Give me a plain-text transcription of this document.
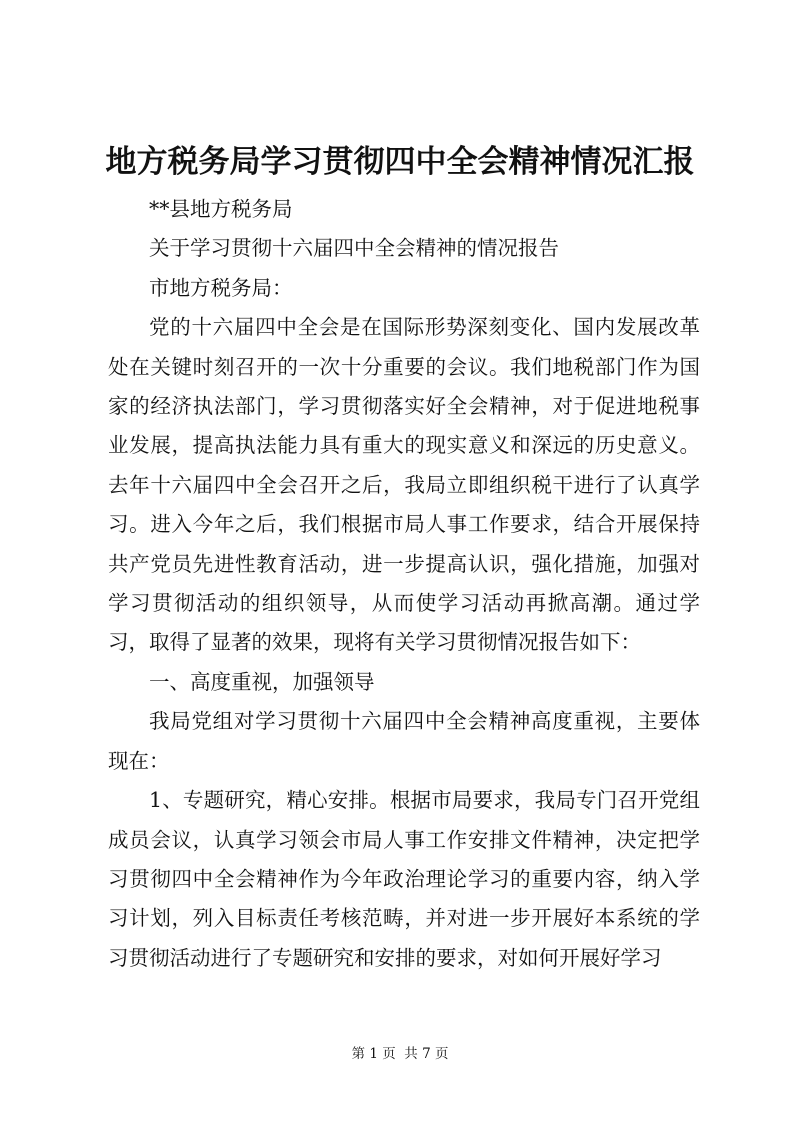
地方税务局学习贯彻四中全会精神情况汇报

**县地方税务局

关于学习贯彻十六届四中全会精神的情况报告

市地方税务局：

党的十六届四中全会是在国际形势深刻变化、国内发展改革处在关键时刻召开的一次十分重要的会议。我们地税部门作为国家的经济执法部门，学习贯彻落实好全会精神，对于促进地税事业发展，提高执法能力具有重大的现实意义和深远的历史意义。去年十六届四中全会召开之后，我局立即组织税干进行了认真学习。进入今年之后，我们根据市局人事工作要求，结合开展保持共产党员先进性教育活动，进一步提高认识，强化措施，加强对学习贯彻活动的组织领导，从而使学习活动再掀高潮。通过学习，取得了显著的效果，现将有关学习贯彻情况报告如下：

一、高度重视，加强领导

我局党组对学习贯彻十六届四中全会精神高度重视，主要体现在：

1、专题研究，精心安排。根据市局要求，我局专门召开党组成员会议，认真学习领会市局人事工作安排文件精神，决定把学习贯彻四中全会精神作为今年政治理论学习的重要内容，纳入学习计划，列入目标责任考核范畴，并对进一步开展好本系统的学习贯彻活动进行了专题研究和安排的要求，对如何开展好学习

第 1 页 共 7 页
